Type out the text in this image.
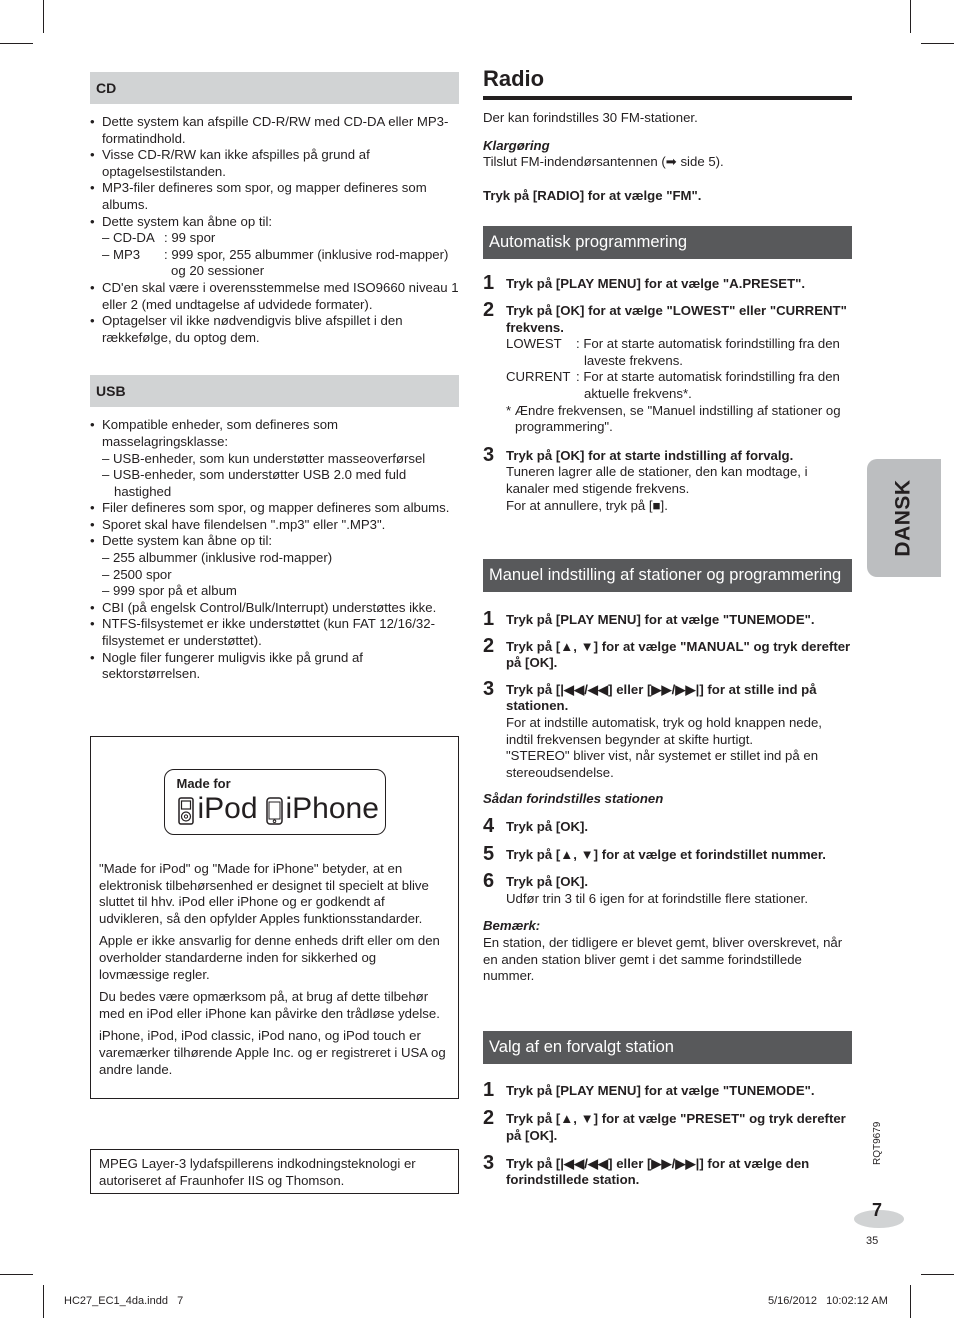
CD
• Dette system kan afspille CD-R/RW med CD-DA eller MP3-formatindhold.
• Visse CD-R/RW kan ikke afspilles på grund af optagelsestilstanden.
• MP3-filer defineres som spor, og mapper defineres som albums.
• Dette system kan åbne op til:
– CD-DA : 99 spor
– MP3	: 999 spor, 255 albummer (inklusive rod-mapper) og 20 sessioner
• CD'en skal være i overensstemmelse med ISO9660 niveau 1 eller 2 (med undtagelse af udvidede formater).
• Optagelser vil ikke nødvendigvis blive afspillet i den rækkefølge, du optog dem.
USB
• Kompatible enheder, som defineres som masselagringsklasse:
– USB-enheder, som kun understøtter masseoverførsel
– USB-enheder, som understøtter USB 2.0 med fuld hastighed
• Filer defineres som spor, og mapper defineres som albums.
• Sporet skal have filendelsen ".mp3" eller ".MP3".
• Dette system kan åbne op til:
– 255 albummer (inklusive rod-mapper)
– 2500 spor
– 999 spor på et album
• CBI (på engelsk Control/Bulk/Interrupt) understøttes ikke.
• NTFS-filsystemet er ikke understøttet (kun FAT 12/16/32-filsystemet er understøttet).
• Nogle filer fungerer muligvis ikke på grund af sektorstørrelsen.
Made for
iPod iPhone
"Made for iPod" og "Made for iPhone" betyder, at en elektronisk tilbehørsenhed er designet til specielt at blive sluttet til hhv. iPod eller iPhone og er godkendt af udvikleren, så den opfylder Apples funktionsstandarder.
Apple er ikke ansvarlig for denne enheds drift eller om den overholder standarderne inden for sikkerhed og lovmæssige regler.
Du bedes være opmærksom på, at brug af dette tilbehør med en iPod eller iPhone kan påvirke den trådløse ydelse.
iPhone, iPod, iPod classic, iPod nano, og iPod touch er varemærker tilhørende Apple Inc. og er registreret i USA og andre lande.
MPEG Layer-3 lydafspillerens indkodningsteknologi er autoriseret af Fraunhofer IIS og Thomson.
Radio
Der kan forindstilles 30 FM-stationer.
Klargøring
Tilslut FM-indendørsantennen (➡ side 5).
Tryk på [RADIO] for at vælge "FM".
Automatisk programmering
1 Tryk på [PLAY MENU] for at vælge "A.PRESET".
2 Tryk på [OK] for at vælge "LOWEST" eller "CURRENT" frekvens.
LOWEST	: For at starte automatisk forindstilling fra den laveste frekvens.
CURRENT : For at starte automatisk forindstilling fra den aktuelle frekvens*.
* Ændre frekvensen, se "Manuel indstilling af stationer og programmering".
3 Tryk på [OK] for at starte indstilling af forvalg.
Tuneren lagrer alle de stationer, den kan modtage, i kanaler med stigende frekvens.
For at annullere, tryk på [■].
Manuel indstilling af stationer og programmering
1 Tryk på [PLAY MENU] for at vælge "TUNEMODE".
2 Tryk på [▲, ▼] for at vælge "MANUAL" og tryk derefter på [OK].
3 Tryk på [|◀◀/◀◀] eller [▶▶/▶▶|] for at stille ind på stationen.
For at indstille automatisk, tryk og hold knappen nede, indtil frekvensen begynder at skifte hurtigt.
"STEREO" bliver vist, når systemet er stillet ind på en stereoudsendelse.
Sådan forindstilles stationen
4 Tryk på [OK].
5 Tryk på [▲, ▼] for at vælge et forindstillet nummer.
6 Tryk på [OK].
Udfør trin 3 til 6 igen for at forindstille flere stationer.
Bemærk:
En station, der tidligere er blevet gemt, bliver overskrevet, når en anden station bliver gemt i det samme forindstillede nummer.
Valg af en forvalgt station
1 Tryk på [PLAY MENU] for at vælge "TUNEMODE".
2 Tryk på [▲, ▼] for at vælge "PRESET" og tryk derefter på [OK].
3 Tryk på [|◀◀/◀◀] eller [▶▶/▶▶|] for at vælge den forindstillede station.
DANSK
RQT9679
7
35
HC27_EC1_4da.indd   7	5/16/2012   10:02:12 AM
